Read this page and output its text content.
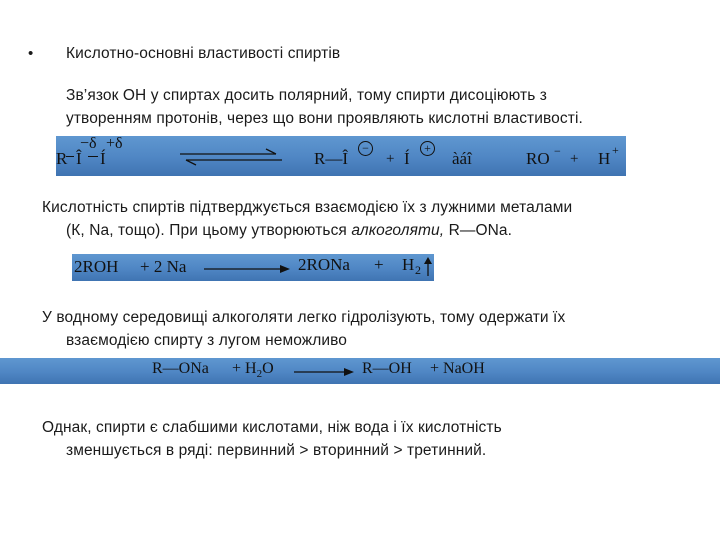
• Кислотно-основні властивості спиртів
Зв’язок ОН у спиртах досить полярний, тому спирти дисоціюють з
утворенням протонів, через що вони проявляють кислотні властивості.
R Î Í
−δ +δ
R—Î
−
+ Í
+
àáî	RO − + H +
Кислотність спиртів підтверджується взаємодією їх з лужними металами
(К, Na, тощо). При цьому утворюються алкоголяти, R—ONa.
2ROH + 2 Na	2RONa + H 2
У водному середовищі алкоголяти легко гідролізують, тому одержати їх
взаємодією спирту з лугом неможливо
R—ONa + $H_2O$	R—OH + NaOH
Однак, спирти є слабшими кислотами, ніж вода і їх кислотність
зменшується в ряді: первинний > вторинний > третинний.
